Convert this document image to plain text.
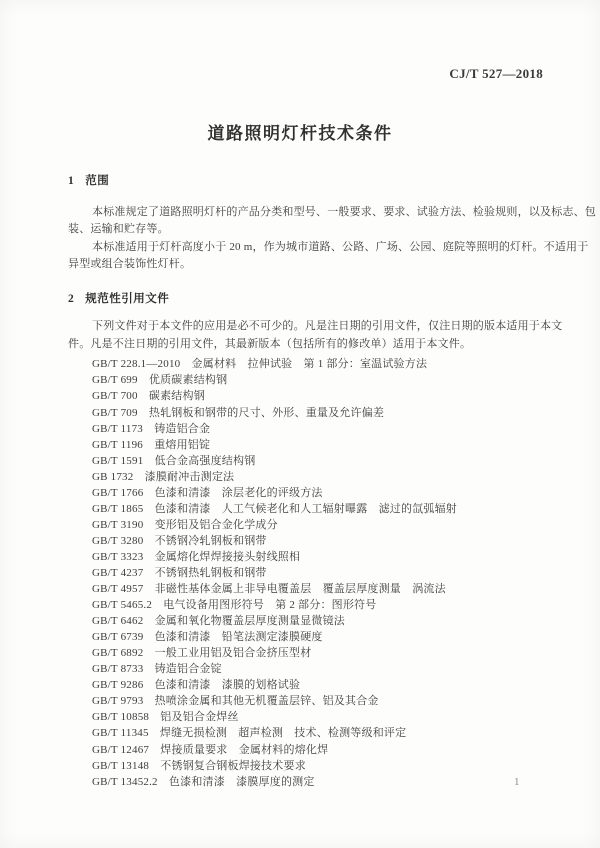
CJ/T 527—2018
道路照明灯杆技术条件
1 范围
本标准规定了道路照明灯杆的产品分类和型号、一般要求、要求、试验方法、检验规则，以及标志、包
装、运输和贮存等。
本标准适用于灯杆高度小于 20 m，作为城市道路、公路、广场、公园、庭院等照明的灯杆。不适用于
异型或组合装饰性灯杆。
2 规范性引用文件
下列文件对于本文件的应用是必不可少的。凡是注日期的引用文件，仅注日期的版本适用于本文
件。凡是不注日期的引用文件，其最新版本（包括所有的修改单）适用于本文件。
GB/T 228.1—2010　金属材料　拉伸试验　第 1 部分：室温试验方法
GB/T 699　优质碳素结构钢
GB/T 700　碳素结构钢
GB/T 709　热轧钢板和钢带的尺寸、外形、重量及允许偏差
GB/T 1173　铸造铝合金
GB/T 1196　重熔用铝锭
GB/T 1591　低合金高强度结构钢
GB 1732　漆膜耐冲击测定法
GB/T 1766　色漆和清漆　涂层老化的评级方法
GB/T 1865　色漆和清漆　人工气候老化和人工辐射曝露　滤过的氙弧辐射
GB/T 3190　变形铝及铝合金化学成分
GB/T 3280　不锈钢冷轧钢板和钢带
GB/T 3323　金属熔化焊焊接接头射线照相
GB/T 4237　不锈钢热轧钢板和钢带
GB/T 4957　非磁性基体金属上非导电覆盖层　覆盖层厚度测量　涡流法
GB/T 5465.2　电气设备用图形符号　第 2 部分：图形符号
GB/T 6462　金属和氧化物覆盖层厚度测量显微镜法
GB/T 6739　色漆和清漆　铅笔法测定漆膜硬度
GB/T 6892　一般工业用铝及铝合金挤压型材
GB/T 8733　铸造铝合金锭
GB/T 9286　色漆和清漆　漆膜的划格试验
GB/T 9793　热喷涂金属和其他无机覆盖层锌、铝及其合金
GB/T 10858　铝及铝合金焊丝
GB/T 11345　焊缝无损检测　超声检测　技术、检测等级和评定
GB/T 12467　焊接质量要求　金属材料的熔化焊
GB/T 13148　不锈钢复合钢板焊接技术要求
GB/T 13452.2　色漆和清漆　漆膜厚度的测定	1
